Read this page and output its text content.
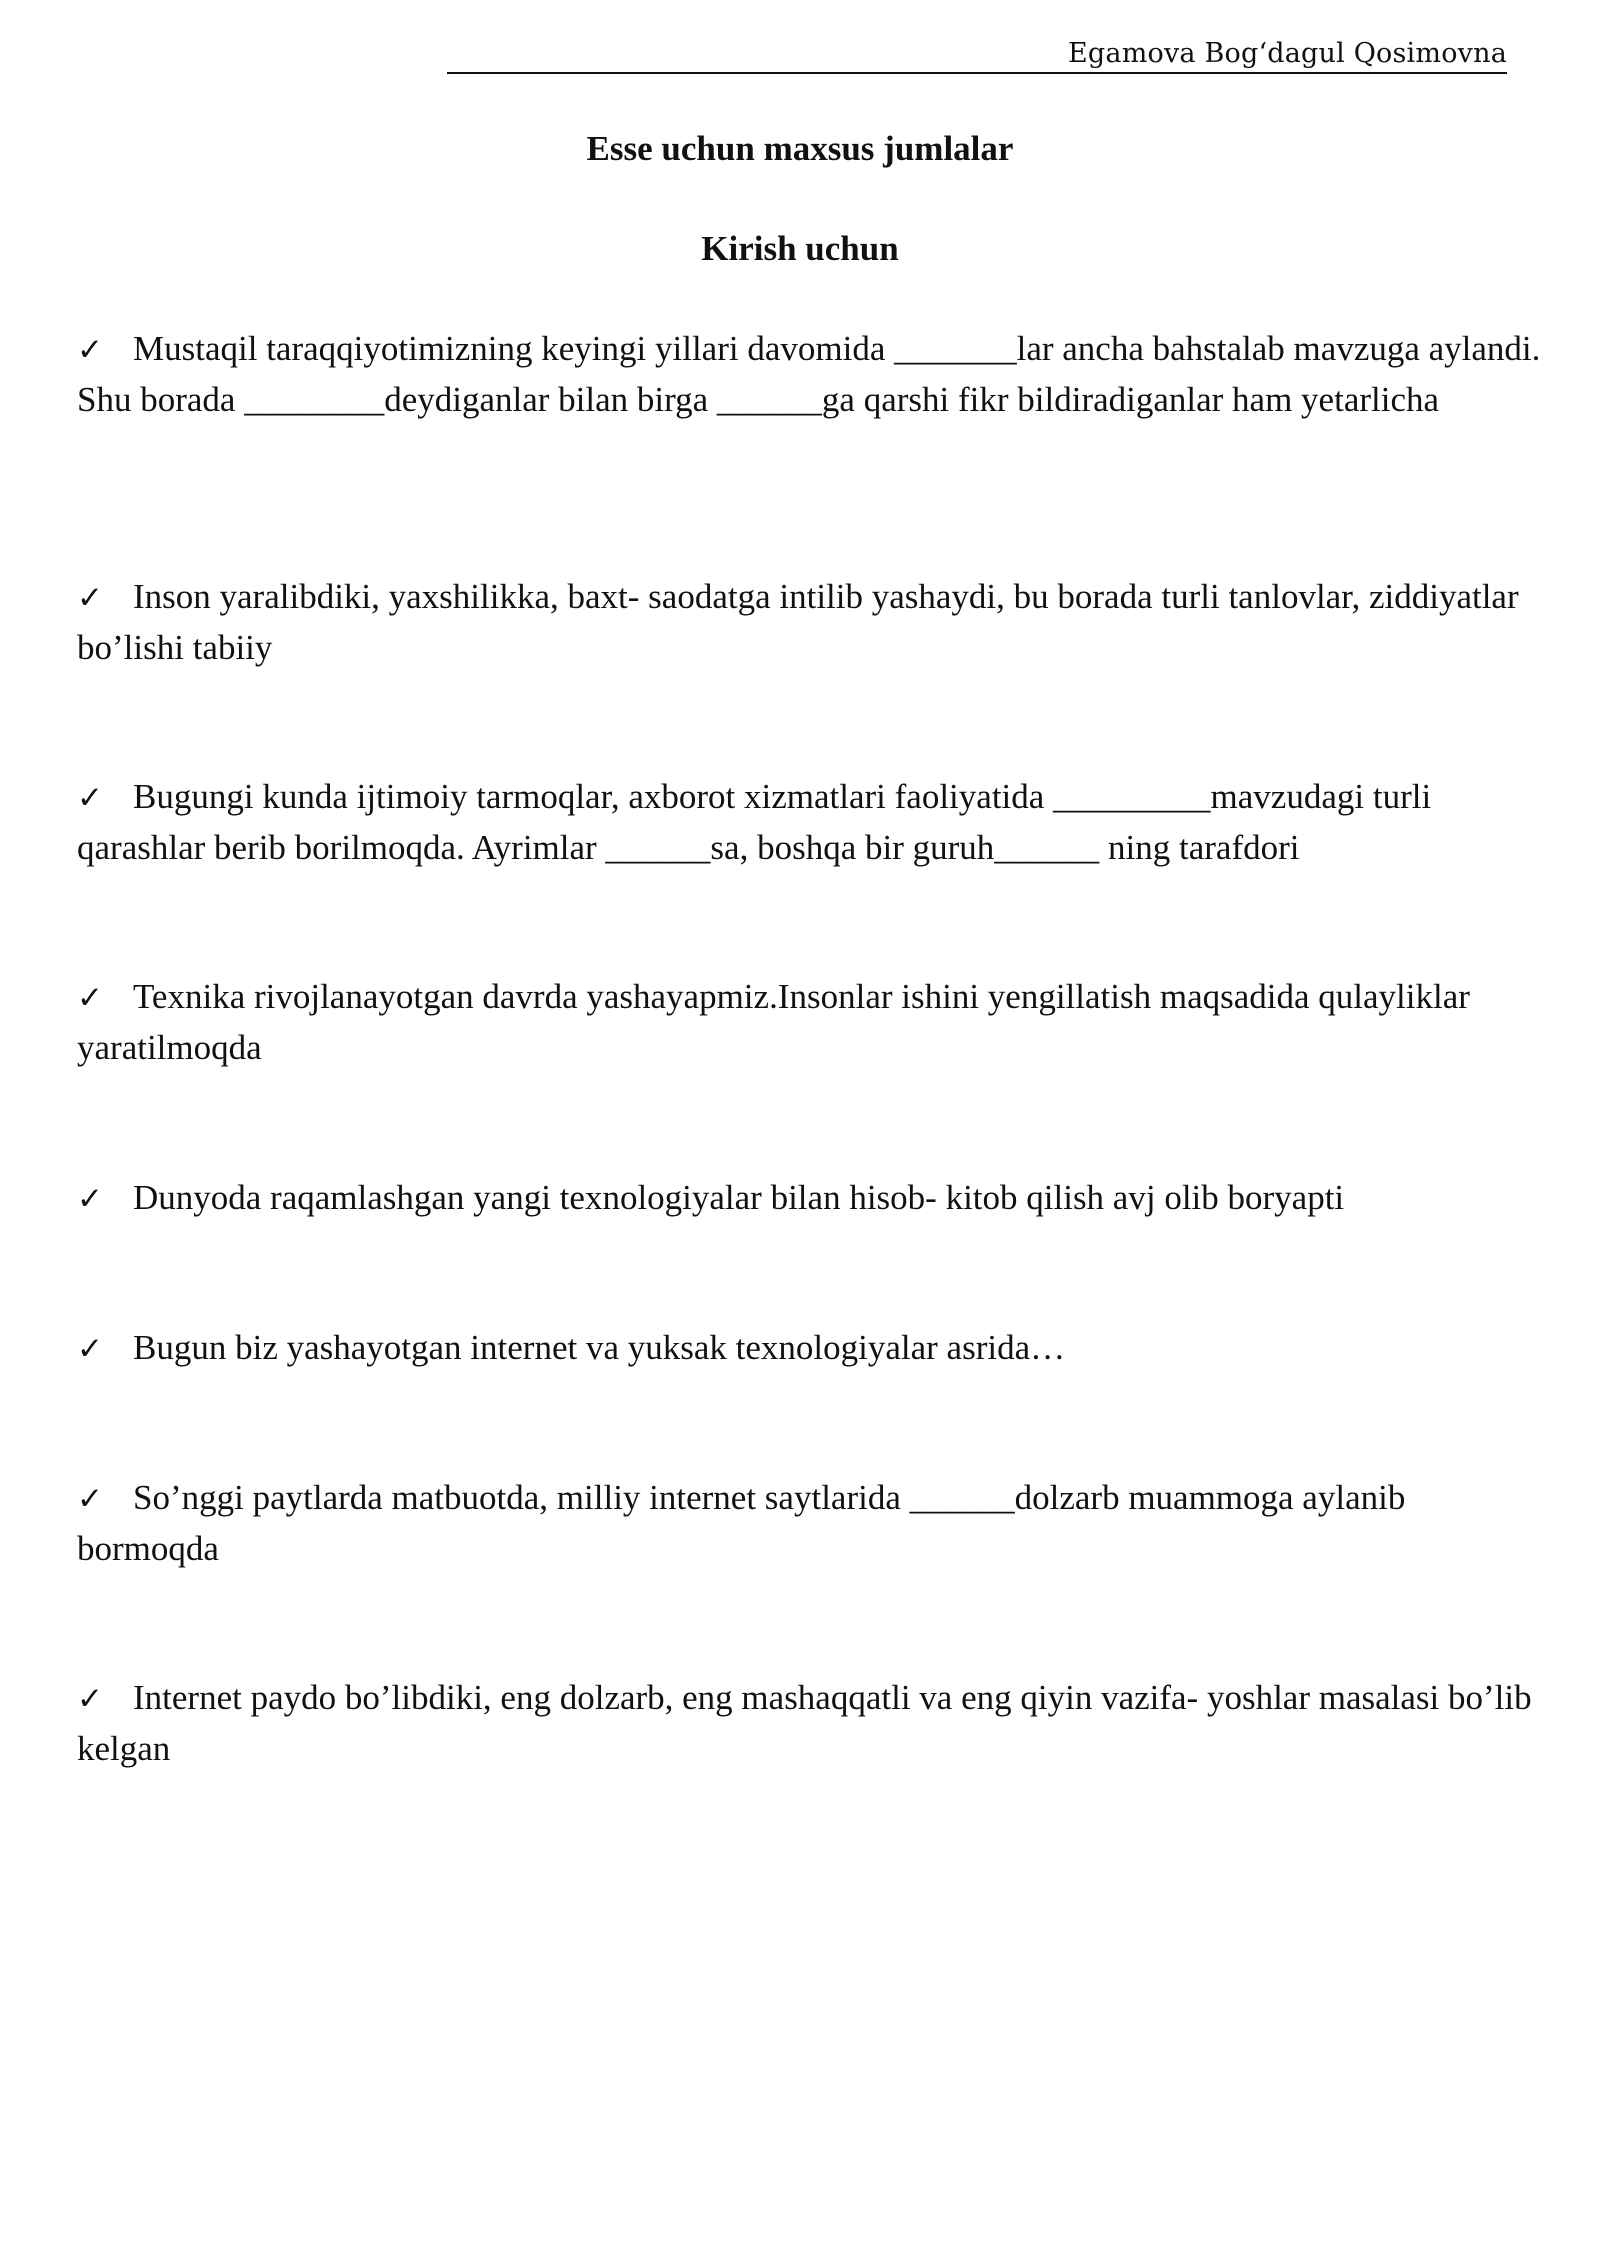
Egamova Bog‘dagul Qosimovna
Esse uchun maxsus jumlalar
Kirish uchun
✓ Mustaqil taraqqiyotimizning keyingi yillari davomida _______lar ancha bahstalab mavzuga aylandi. Shu borada ________deydiganlar bilan birga ______ga qarshi fikr bildiradiganlar ham yetarlicha
✓ Inson yaralibdiki, yaxshilikka, baxt- saodatga intilib yashaydi, bu borada turli tanlovlar, ziddiyatlar bo’lishi tabiiy
✓ Bugungi kunda ijtimoiy tarmoqlar, axborot xizmatlari faoliyatida _________mavzudagi turli qarashlar berib borilmoqda. Ayrimlar ______sa, boshqa bir guruh______ ning tarafdori
✓ Texnika rivojlanayotgan davrda yashayapmiz.Insonlar ishini yengillatish maqsadida qulayliklar yaratilmoqda
✓ Dunyoda raqamlashgan yangi texnologiyalar bilan hisob- kitob qilish avj olib boryapti
✓ Bugun biz yashayotgan internet va yuksak texnologiyalar asrida…
✓ So’nggi paytlarda matbuotda, milliy internet saytlarida ______dolzarb muammoga aylanib bormoqda
✓ Internet paydo bo’libdiki, eng dolzarb, eng mashaqqatli va eng qiyin vazifa- yoshlar masalasi bo’lib kelgan
